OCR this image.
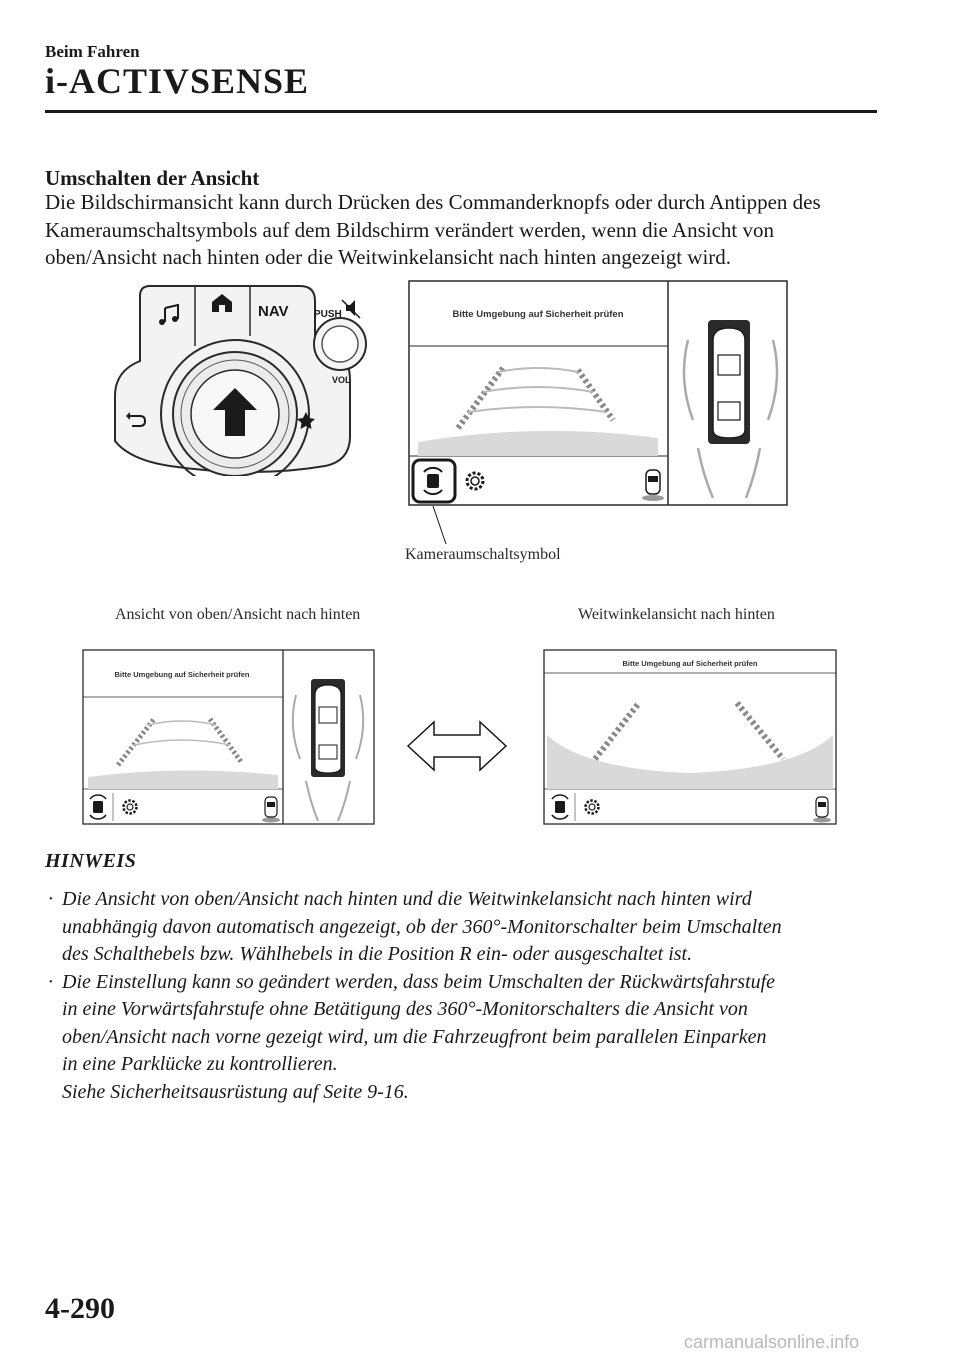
Beim Fahren
i-ACTIVSENSE
Umschalten der Ansicht
Die Bildschirmansicht kann durch Drücken des Commanderknopfs oder durch Antippen des
Kameraumschaltsymbols auf dem Bildschirm verändert werden, wenn die Ansicht von
oben/Ansicht nach hinten oder die Weitwinkelansicht nach hinten angezeigt wird.
NAV	PUSH
VOL
Bitte Umgebung auf Sicherheit prüfen
Kameraumschaltsymbol
Ansicht von oben/Ansicht nach hinten	Weitwinkelansicht nach hinten
Bitte Umgebung auf Sicherheit prüfen
Bitte Umgebung auf Sicherheit prüfen
HINWEIS
· Die Ansicht von oben/Ansicht nach hinten und die Weitwinkelansicht nach hinten wird
unabhängig davon automatisch angezeigt, ob der 360°-Monitorschalter beim Umschalten
des Schalthebels bzw. Wählhebels in die Position R ein- oder ausgeschaltet ist.
· Die Einstellung kann so geändert werden, dass beim Umschalten der Rückwärtsfahrstufe
in eine Vorwärtsfahrstufe ohne Betätigung des 360°-Monitorschalters die Ansicht von
oben/Ansicht nach vorne gezeigt wird, um die Fahrzeugfront beim parallelen Einparken
in eine Parklücke zu kontrollieren.
Siehe Sicherheitsausrüstung auf Seite 9-16.
4-290
carmanualsonline.info
